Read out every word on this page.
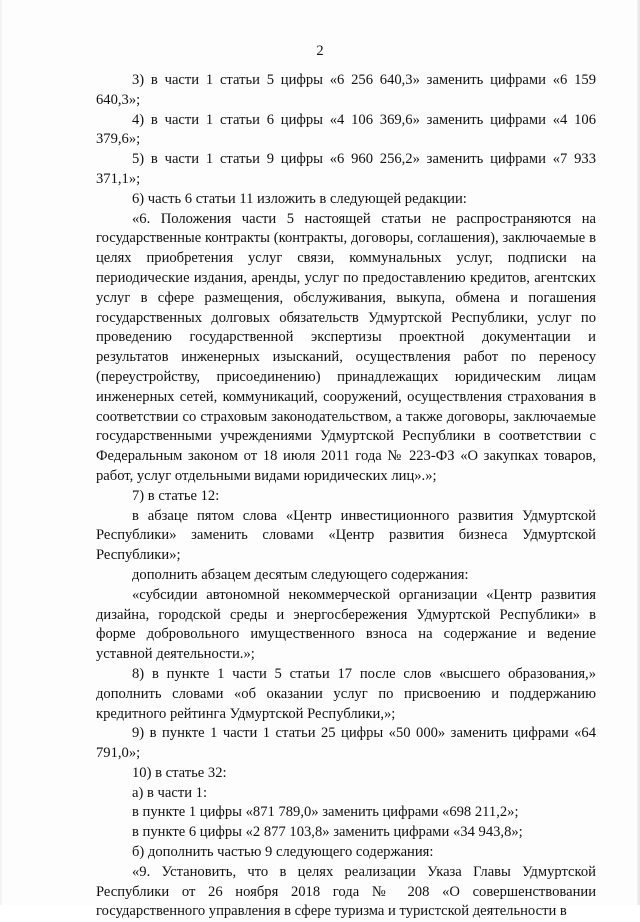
2

3) в части 1 статьи 5 цифры «6 256 640,3» заменить цифрами «6 159 640,3»;

4) в части 1 статьи 6 цифры «4 106 369,6» заменить цифрами «4 106 379,6»;

5) в части 1 статьи 9 цифры «6 960 256,2» заменить цифрами «7 933 371,1»;

6) часть 6 статьи 11 изложить в следующей редакции:

«6. Положения части 5 настоящей статьи не распространяются на государственные контракты (контракты, договоры, соглашения), заключаемые в целях приобретения услуг связи, коммунальных услуг, подписки на периодические издания, аренды, услуг по предоставлению кредитов, агентских услуг в сфере размещения, обслуживания, выкупа, обмена и погашения государственных долговых обязательств Удмуртской Республики, услуг по проведению государственной экспертизы проектной документации и результатов инженерных изысканий, осуществления работ по переносу (переустройству, присоединению) принадлежащих юридическим лицам инженерных сетей, коммуникаций, сооружений, осуществления страхования в соответствии со страховым законодательством, а также договоры, заключаемые государственными учреждениями Удмуртской Республики в соответствии с Федеральным законом от 18 июля 2011 года № 223-ФЗ «О закупках товаров, работ, услуг отдельными видами юридических лиц».»;

7) в статье 12:

в абзаце пятом слова «Центр инвестиционного развития Удмуртской Республики» заменить словами «Центр развития бизнеса Удмуртской Республики»;

дополнить абзацем десятым следующего содержания:

«субсидии автономной некоммерческой организации «Центр развития дизайна, городской среды и энергосбережения Удмуртской Республики» в форме добровольного имущественного взноса на содержание и ведение уставной деятельности.»;

8) в пункте 1 части 5 статьи 17 после слов «высшего образования,» дополнить словами «об оказании услуг по присвоению и поддержанию кредитного рейтинга Удмуртской Республики,»;

9) в пункте 1 части 1 статьи 25 цифры «50 000» заменить цифрами «64 791,0»;

10) в статье 32:

а) в части 1:

в пункте 1 цифры «871 789,0» заменить цифрами «698 211,2»;

в пункте 6 цифры «2 877 103,8» заменить цифрами «34 943,8»;

б) дополнить частью 9 следующего содержания:

«9. Установить, что в целях реализации Указа Главы Удмуртской Республики от 26 ноября 2018 года № 208 «О совершенствовании государственного управления в сфере туризма и туристской деятельности в
